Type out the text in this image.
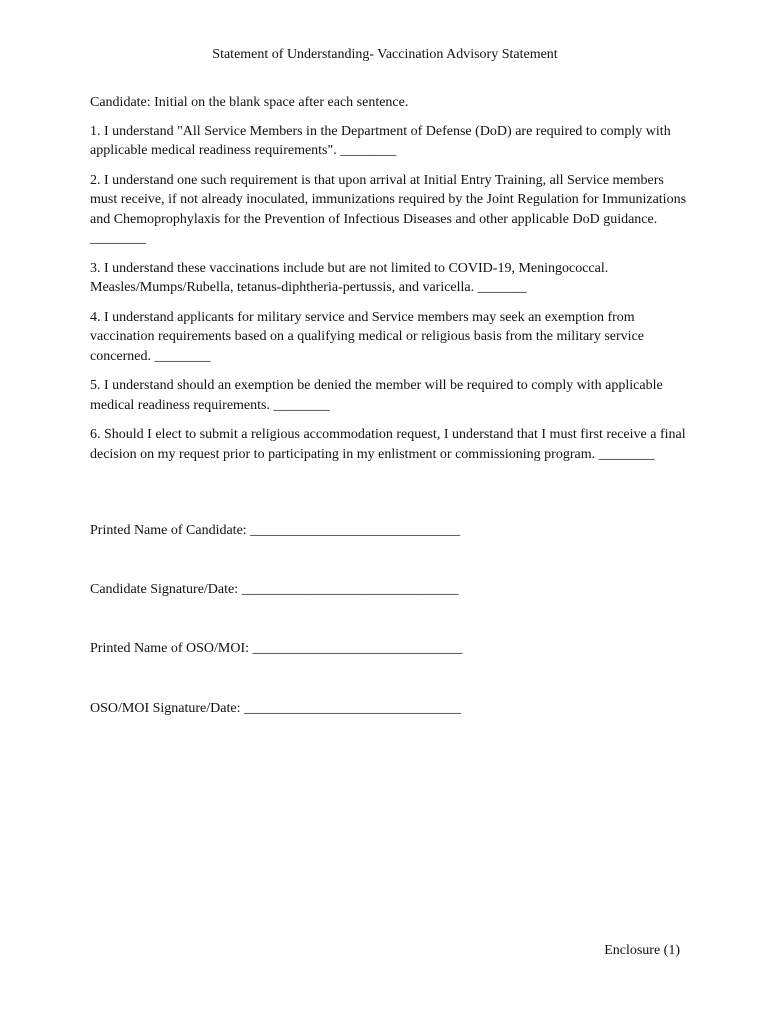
Statement of Understanding- Vaccination Advisory Statement

Candidate: Initial on the blank space after each sentence.

1. I understand "All Service Members in the Department of Defense (DoD) are required to comply with applicable medical readiness requirements". ________

2. I understand one such requirement is that upon arrival at Initial Entry Training, all Service members must receive, if not already inoculated, immunizations required by the Joint Regulation for Immunizations and Chemoprophylaxis for the Prevention of Infectious Diseases and other applicable DoD guidance. ________

3. I understand these vaccinations include but are not limited to COVID-19, Meningococcal. Measles/Mumps/Rubella, tetanus-diphtheria-pertussis, and varicella. _______

4. I understand applicants for military service and Service members may seek an exemption from vaccination requirements based on a qualifying medical or religious basis from the military service concerned. ________

5. I understand should an exemption be denied the member will be required to comply with applicable medical readiness requirements. ________

6. Should I elect to submit a religious accommodation request, I understand that I must first receive a final decision on my request prior to participating in my enlistment or commissioning program. ________

Printed Name of Candidate: ______________________________
Candidate Signature/Date: _______________________________
Printed Name of OSO/MOI: ______________________________
OSO/MOI Signature/Date: _______________________________
Enclosure (1)
